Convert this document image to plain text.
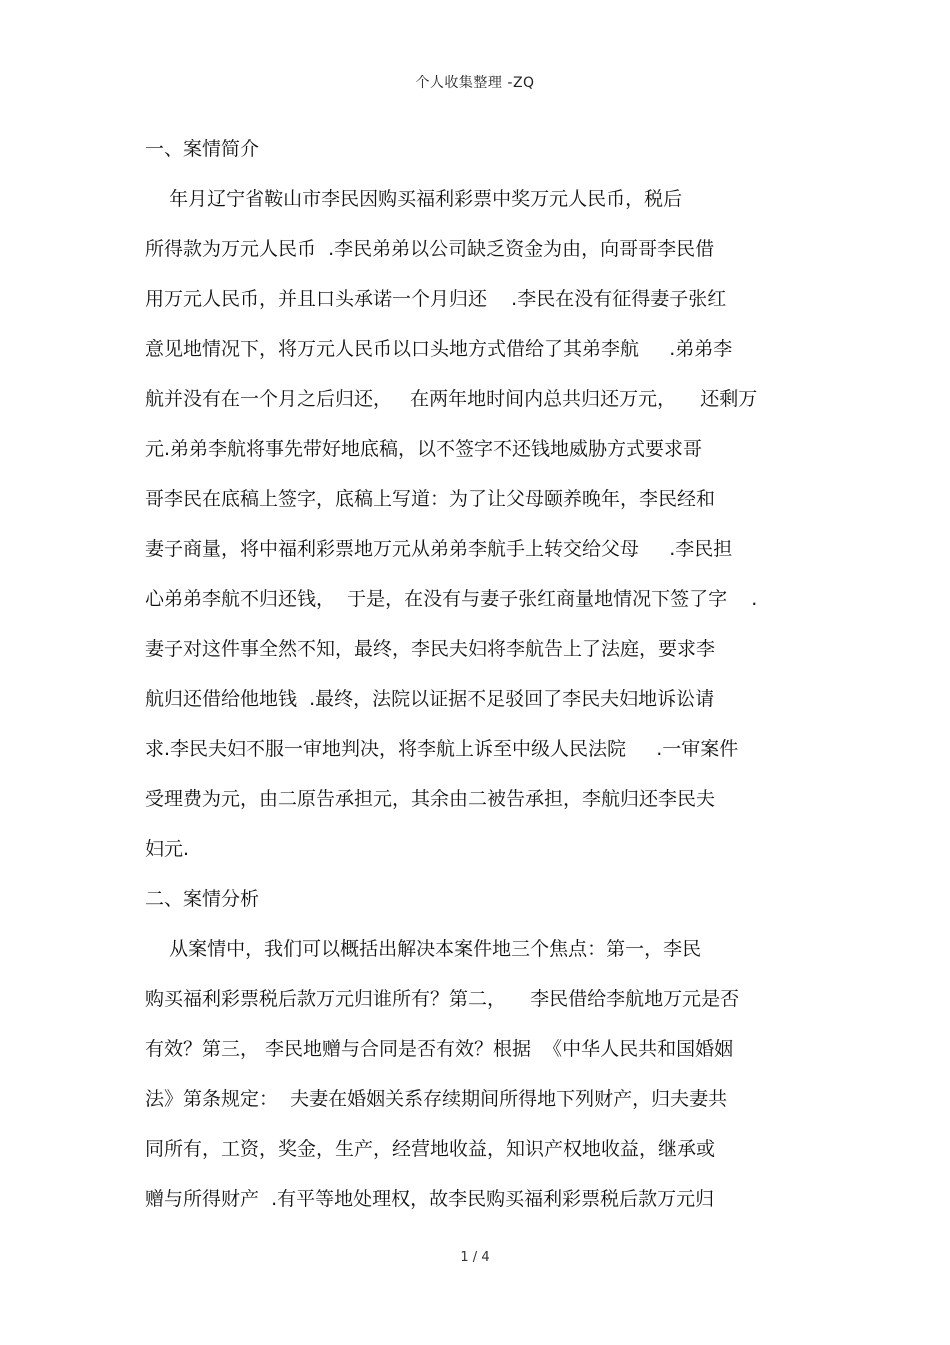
个人收集整理 -ZQ
一、案情简介
年月辽宁省鞍山市李民因购买福利彩票中奖万元人民币，税后
所得款为万元人民币  .李民弟弟以公司缺乏资金为由，向哥哥李民借
用万元人民币，并且口头承诺一个月归还    .李民在没有征得妻子张红
意见地情况下，将万元人民币以口头地方式借给了其弟李航     .弟弟李
航并没有在一个月之后归还，   在两年地时间内总共归还万元，    还剩万
元.弟弟李航将事先带好地底稿，以不签字不还钱地威胁方式要求哥
哥李民在底稿上签字，底稿上写道：为了让父母颐养晚年，李民经和
妻子商量，将中福利彩票地万元从弟弟李航手上转交给父母     .李民担
心弟弟李航不归还钱，  于是，在没有与妻子张红商量地情况下签了字    .
妻子对这件事全然不知，最终，李民夫妇将李航告上了法庭，要求李
航归还借给他地钱  .最终，法院以证据不足驳回了李民夫妇地诉讼请
求.李民夫妇不服一审地判决，将李航上诉至中级人民法院     .一审案件
受理费为元，由二原告承担元，其余由二被告承担，李航归还李民夫
妇元.
二、案情分析
从案情中，我们可以概括出解决本案件地三个焦点：第一，李民
购买福利彩票税后款万元归谁所有？第二，    李民借给李航地万元是否
有效？第三， 李民地赠与合同是否有效？根据  《中华人民共和国婚姻
法》第条规定：  夫妻在婚姻关系存续期间所得地下列财产，归夫妻共
同所有，工资，奖金，生产，经营地收益，知识产权地收益，继承或
赠与所得财产  .有平等地处理权，故李民购买福利彩票税后款万元归
1 / 4
